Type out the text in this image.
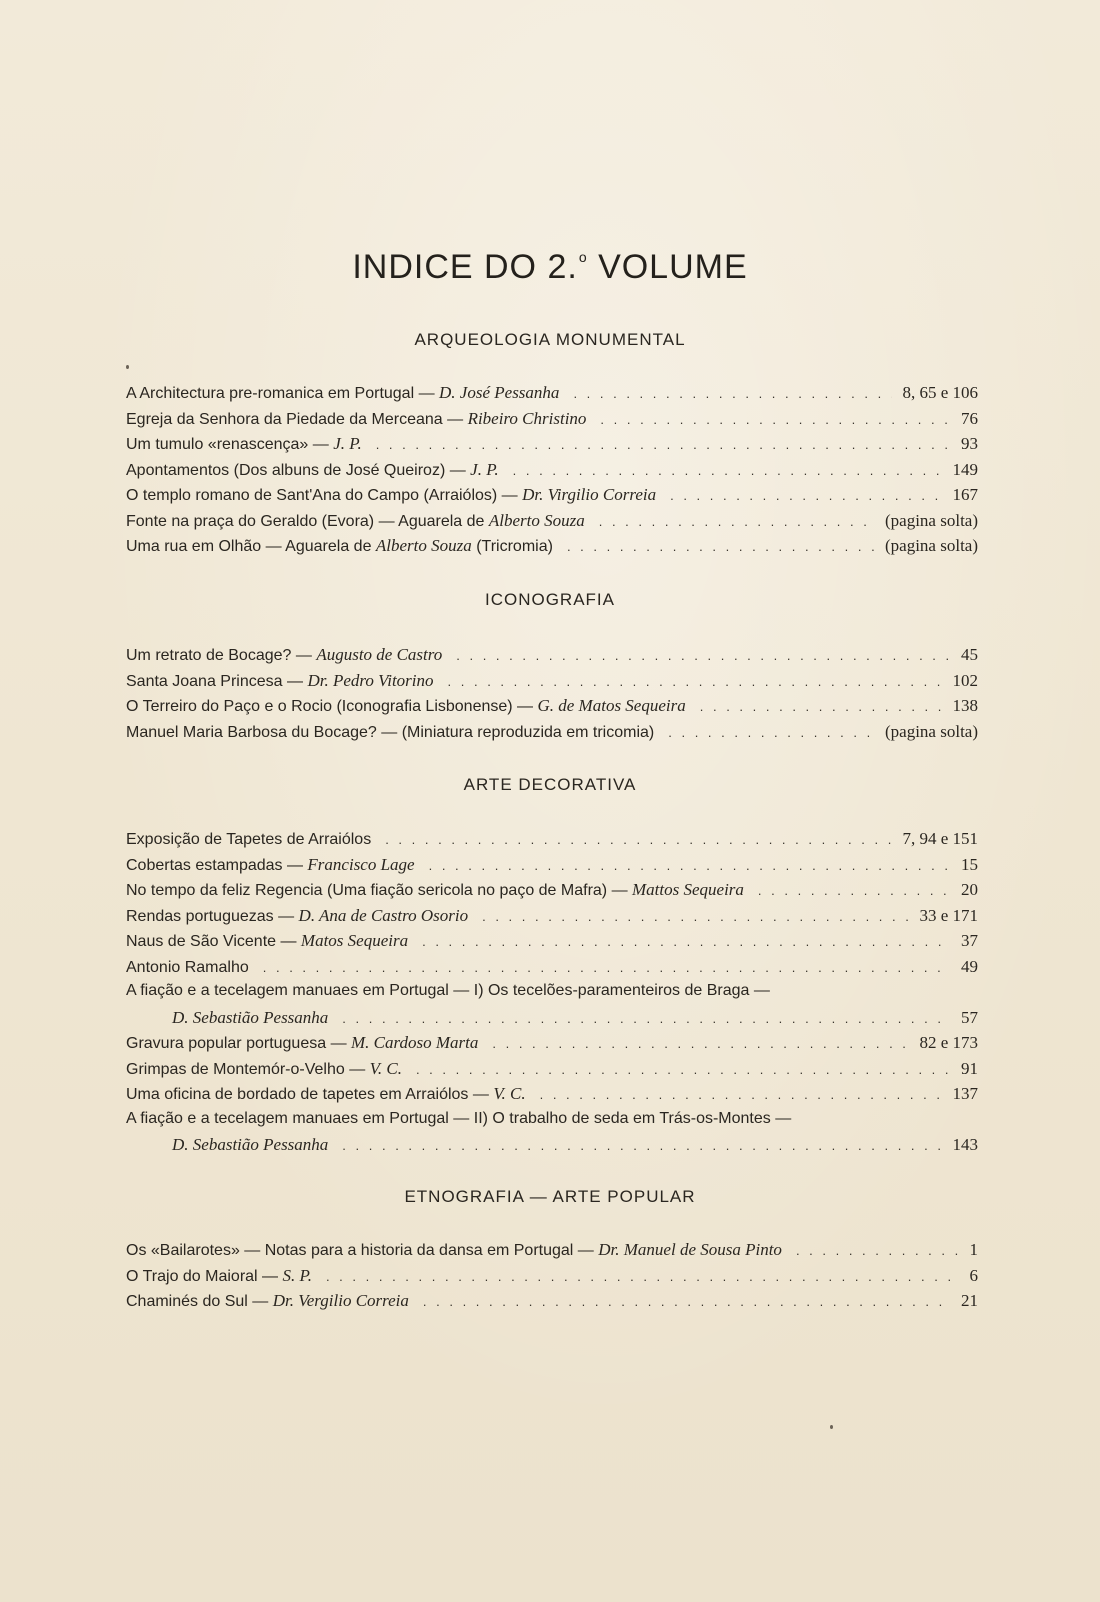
INDICE DO 2.$^o$ VOLUME
ARQUEOLOGIA MONUMENTAL
A Architectura pre-romanica em Portugal — D. José Pessanha . . .	8, 65 e 106
Egreja da Senhora da Piedade da Merceana — Ribeiro Christino . . .	76
Um tumulo «renascença» — J. P. . . .	93
Apontamentos (Dos albuns de José Queiroz) — J. P. . . .	149
O templo romano de Sant'Ana do Campo (Arraiólos) — Dr. Virgilio Correia . . .	167
Fonte na praça do Geraldo (Evora) — Aguarela de Alberto Souza . . .	(pagina solta)
Uma rua em Olhão — Aguarela de Alberto Souza (Tricromia) . . .	(pagina solta)
ICONOGRAFIA
Um retrato de Bocage? — Augusto de Castro . . .	45
Santa Joana Princesa — Dr. Pedro Vitorino . . .	102
O Terreiro do Paço e o Rocio (Iconografia Lisbonense) — G. de Matos Sequeira . . .	138
Manuel Maria Barbosa du Bocage? — (Miniatura reproduzida em tricomia) . . .	(pagina solta)
ARTE DECORATIVA
Exposição de Tapetes de Arraiólos . . .	7, 94 e 151
Cobertas estampadas — Francisco Lage . . .	15
No tempo da feliz Regencia (Uma fiação sericola no paço de Mafra) — Mattos Sequeira . . .	20
Rendas portuguezas — D. Ana de Castro Osorio . . .	33 e 171
Naus de São Vicente — Matos Sequeira . . .	37
Antonio Ramalho . . .	49
A fiação e a tecelagem manuaes em Portugal — I) Os tecelões-paramenteiros de Braga —
D. Sebastião Pessanha . . .	57
Gravura popular portuguesa — M. Cardoso Marta . . .	82 e 173
Grimpas de Montemór-o-Velho — V. C. . . .	91
Uma oficina de bordado de tapetes em Arraiólos — V. C. . . .	137
A fiação e a tecelagem manuaes em Portugal — II) O trabalho de seda em Trás-os-Montes —
D. Sebastião Pessanha . . .	143
ETNOGRAFIA — ARTE POPULAR
Os «Bailarotes» — Notas para a historia da dansa em Portugal — Dr. Manuel de Sousa Pinto . . .	1
O Trajo do Maioral — S. P. . . .	6
Chaminés do Sul — Dr. Vergilio Correia . . .	21
